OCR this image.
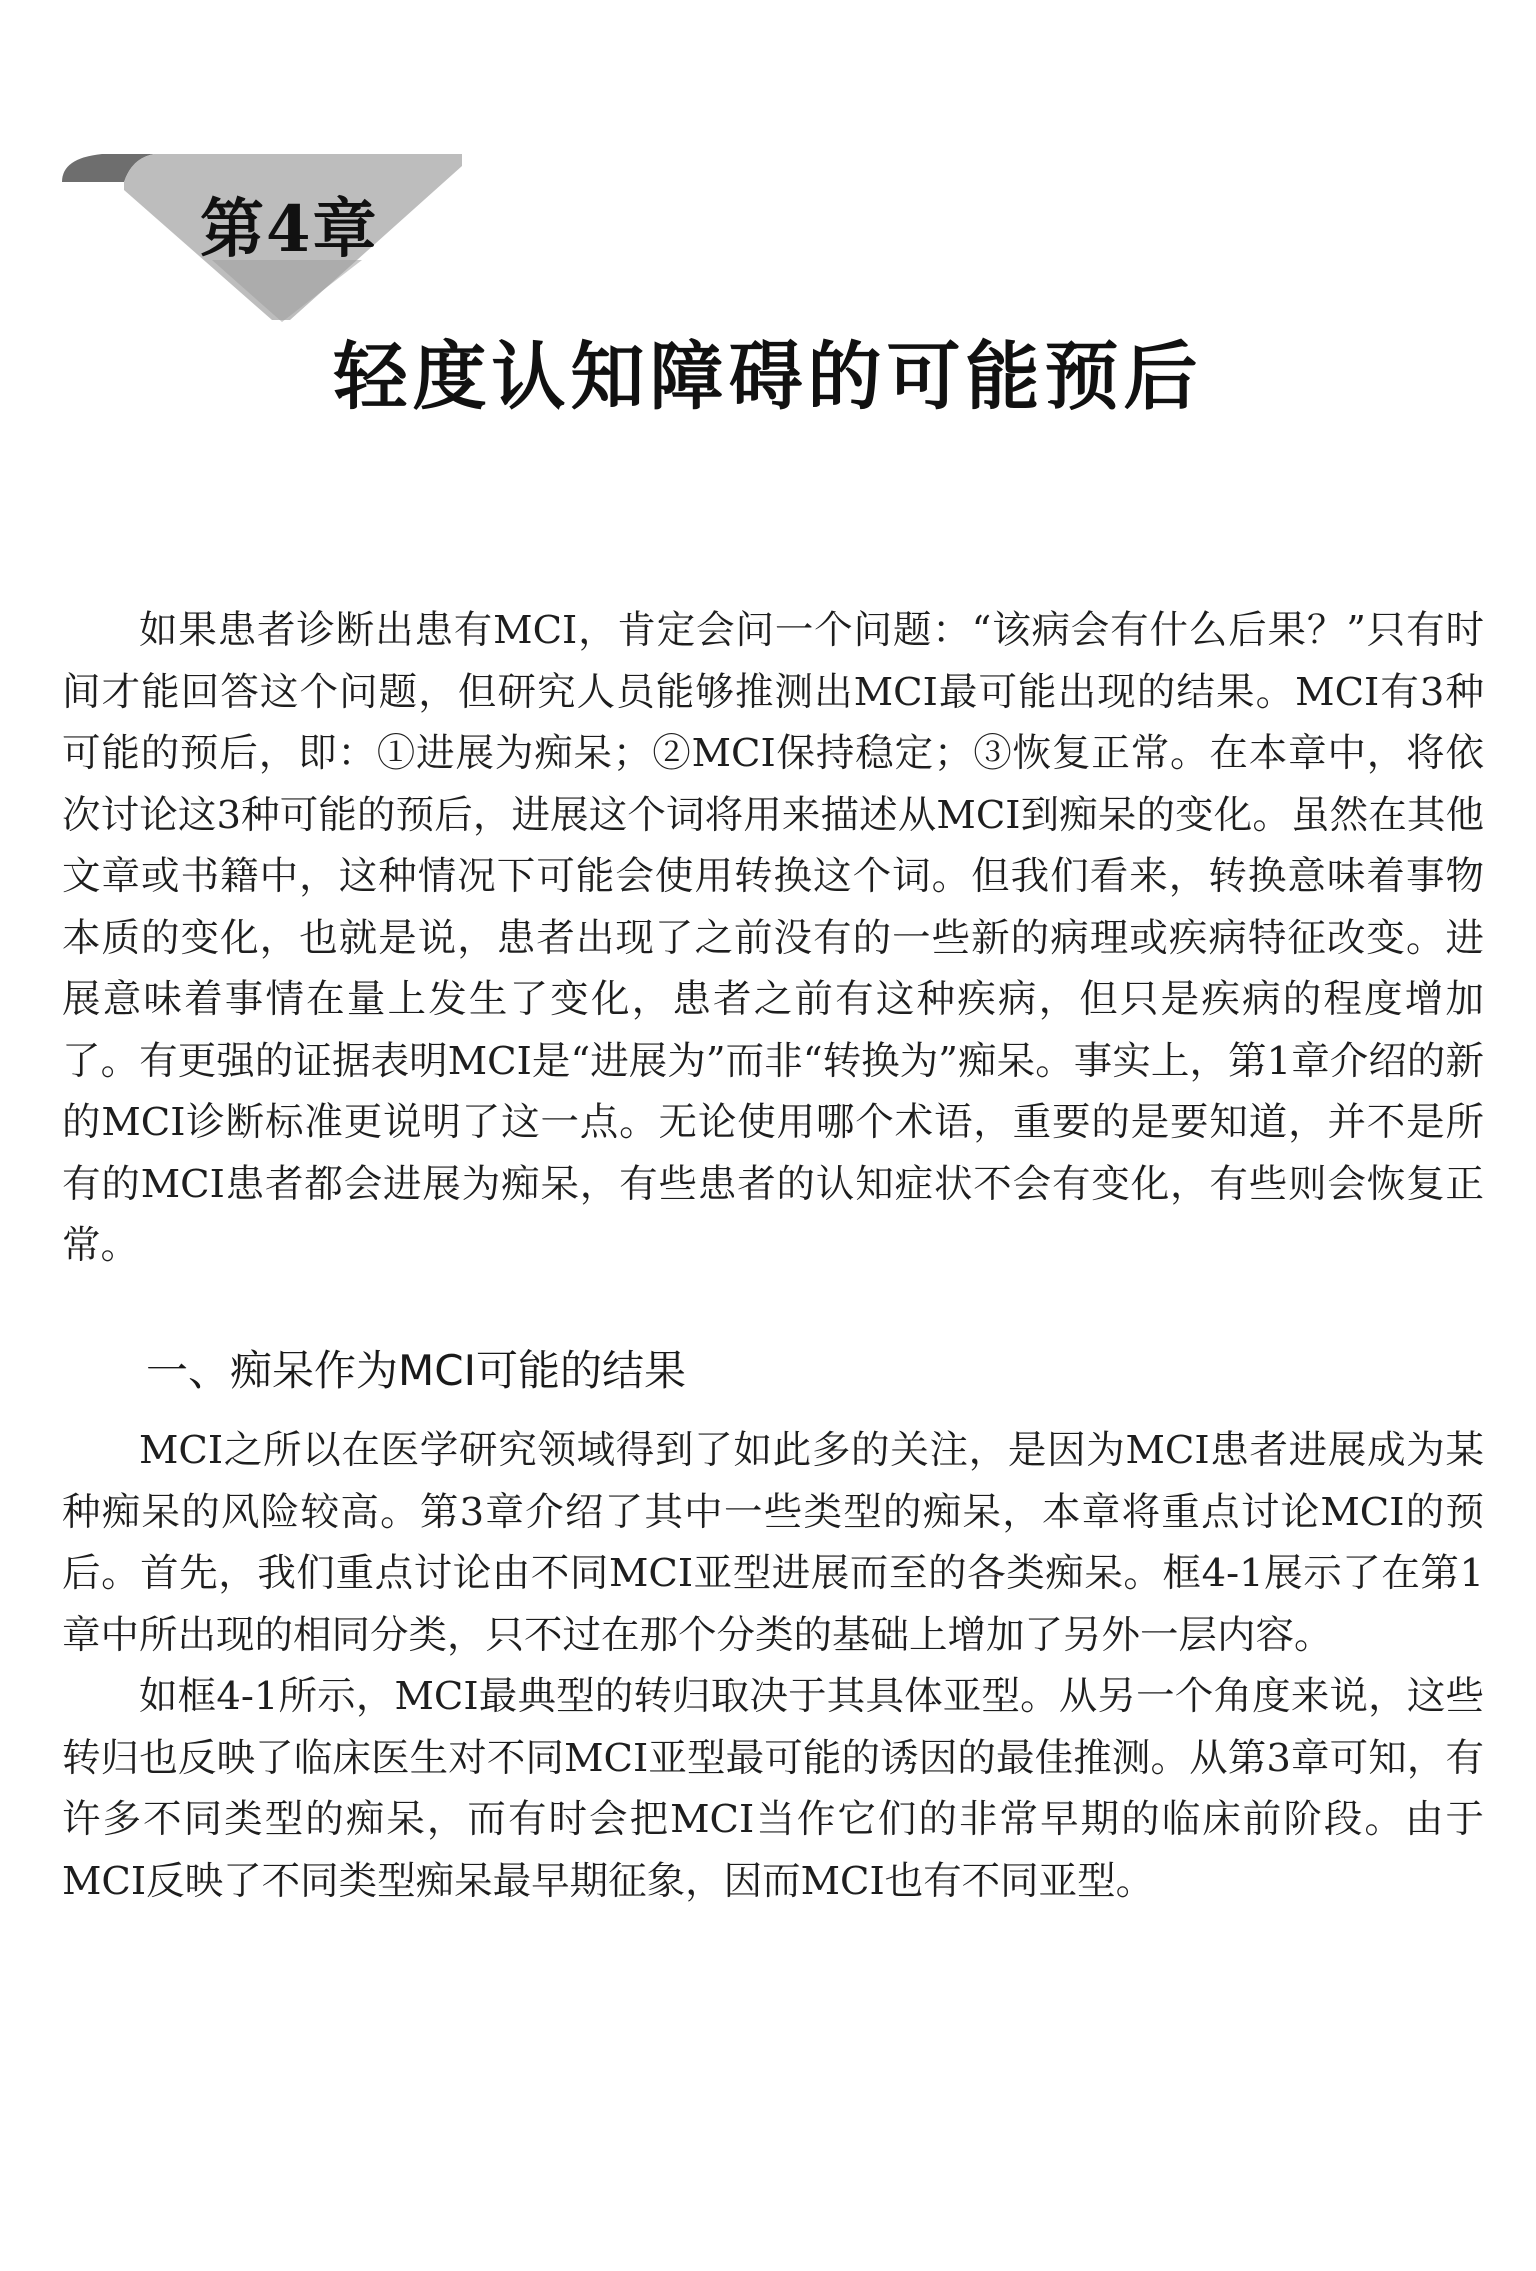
第4章
轻度认知障碍的可能预后

如果患者诊断出患有MCI，肯定会问一个问题：“该病会有什么后果？”只有时间才能回答这个问题，但研究人员能够推测出MCI最可能出现的结果。MCI有3种可能的预后，即：①进展为痴呆；②MCI保持稳定；③恢复正常。在本章中，将依次讨论这3种可能的预后，进展这个词将用来描述从MCI到痴呆的变化。虽然在其他文章或书籍中，这种情况下可能会使用转换这个词。但我们看来，转换意味着事物本质的变化，也就是说，患者出现了之前没有的一些新的病理或疾病特征改变。进展意味着事情在量上发生了变化，患者之前有这种疾病，但只是疾病的程度增加了。有更强的证据表明MCI是“进展为”而非“转换为”痴呆。事实上，第1章介绍的新的MCI诊断标准更说明了这一点。无论使用哪个术语，重要的是要知道，并不是所有的MCI患者都会进展为痴呆，有些患者的认知症状不会有变化，有些则会恢复正常。

一、痴呆作为MCI可能的结果

MCI之所以在医学研究领域得到了如此多的关注，是因为MCI患者进展成为某种痴呆的风险较高。第3章介绍了其中一些类型的痴呆，本章将重点讨论MCI的预后。首先，我们重点讨论由不同MCI亚型进展而至的各类痴呆。框4-1展示了在第1章中所出现的相同分类，只不过在那个分类的基础上增加了另外一层内容。

如框4-1所示，MCI最典型的转归取决于其具体亚型。从另一个角度来说，这些转归也反映了临床医生对不同MCI亚型最可能的诱因的最佳推测。从第3章可知，有许多不同类型的痴呆，而有时会把MCI当作它们的非常早期的临床前阶段。由于MCI反映了不同类型痴呆最早期征象，因而MCI也有不同亚型。
